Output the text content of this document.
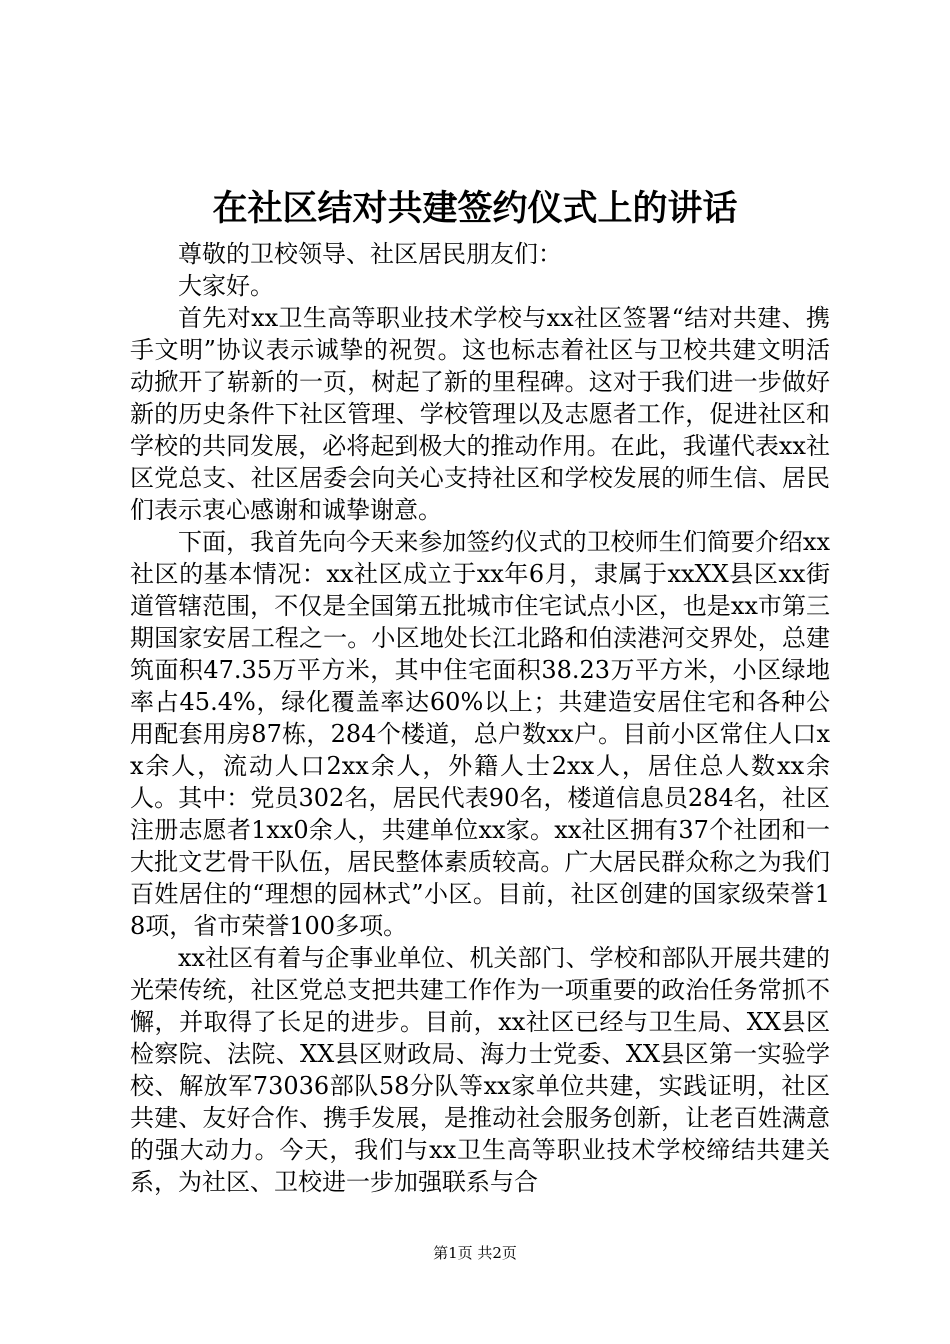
在社区结对共建签约仪式上的讲话

尊敬的卫校领导、社区居民朋友们：

大家好。

首先对xx卫生高等职业技术学校与xx社区签署“结对共建、携手文明”协议表示诚挚的祝贺。这也标志着社区与卫校共建文明活动掀开了崭新的一页，树起了新的里程碑。这对于我们进一步做好新的历史条件下社区管理、学校管理以及志愿者工作，促进社区和学校的共同发展，必将起到极大的推动作用。在此，我谨代表xx社区党总支、社区居委会向关心支持社区和学校发展的师生信、居民们表示衷心感谢和诚挚谢意。

下面，我首先向今天来参加签约仪式的卫校师生们简要介绍xx社区的基本情况：xx社区成立于xx年6月，隶属于xxXX县区xx街道管辖范围，不仅是全国第五批城市住宅试点小区，也是xx市第三期国家安居工程之一。小区地处长江北路和伯渎港河交界处，总建筑面积47.35万平方米，其中住宅面积38.23万平方米，小区绿地率占45.4%，绿化覆盖率达60%以上；共建造安居住宅和各种公用配套用房87栋，284个楼道，总户数xx户。目前小区常住人口xx余人，流动人口2xx余人，外籍人士2xx人，居住总人数xx余人。其中：党员302名，居民代表90名，楼道信息员284名，社区注册志愿者1xx0余人，共建单位xx家。xx社区拥有37个社团和一大批文艺骨干队伍，居民整体素质较高。广大居民群众称之为我们百姓居住的“理想的园林式”小区。目前，社区创建的国家级荣誉18项，省市荣誉100多项。

xx社区有着与企事业单位、机关部门、学校和部队开展共建的光荣传统，社区党总支把共建工作作为一项重要的政治任务常抓不懈，并取得了长足的进步。目前，xx社区已经与卫生局、XX县区检察院、法院、XX县区财政局、海力士党委、XX县区第一实验学校、解放军73036部队58分队等xx家单位共建，实践证明，社区共建、友好合作、携手发展，是推动社会服务创新，让老百姓满意的强大动力。今天，我们与xx卫生高等职业技术学校缔结共建关系，为社区、卫校进一步加强联系与合

第1页 共2页
